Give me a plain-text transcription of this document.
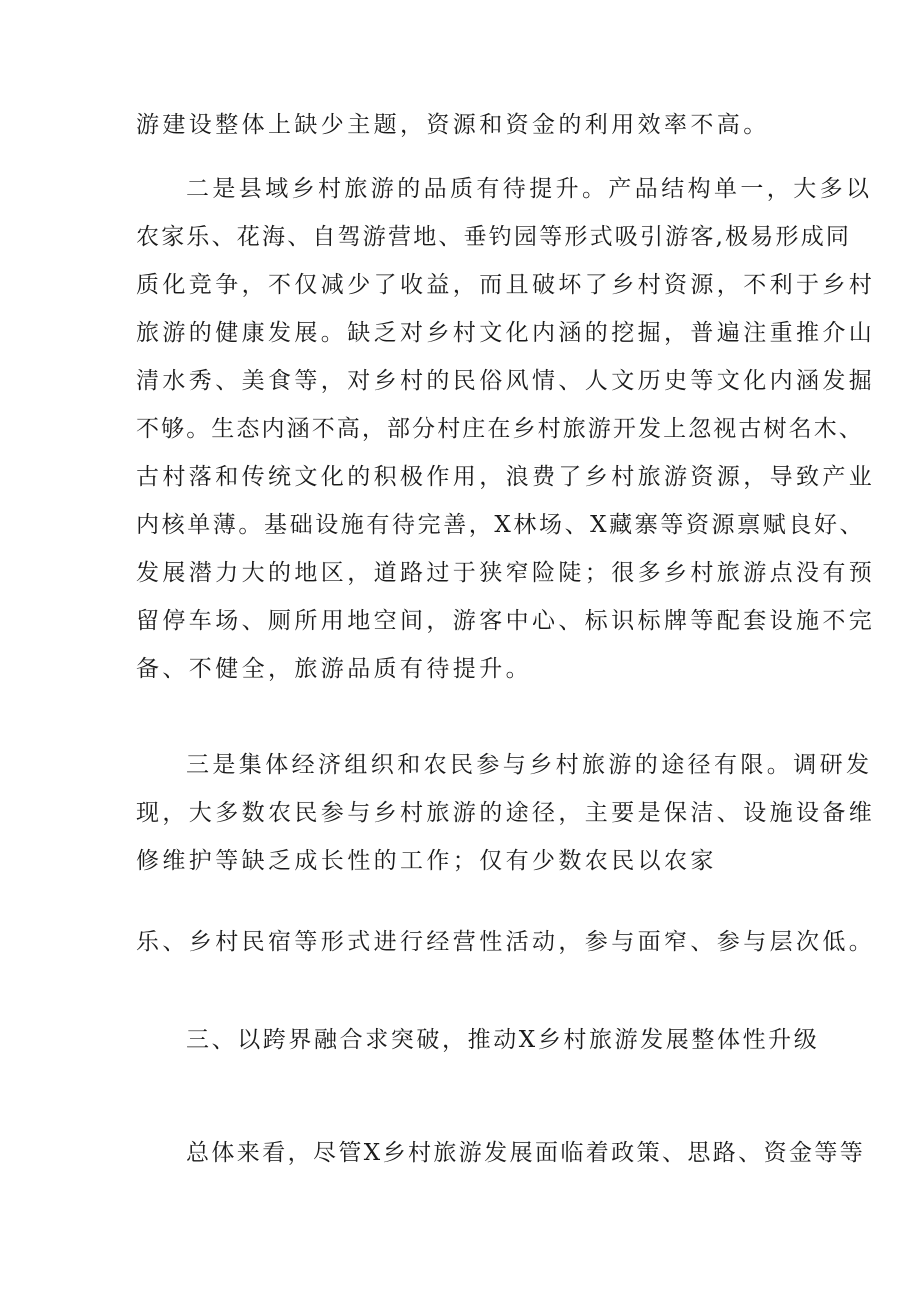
游建设整体上缺少主题，资源和资金的利用效率不高。
二是县域乡村旅游的品质有待提升。产品结构单一，大多以
农家乐、花海、自驾游营地、垂钓园等形式吸引游客,极易形成同
质化竞争，不仅减少了收益，而且破坏了乡村资源，不利于乡村
旅游的健康发展。缺乏对乡村文化内涵的挖掘，普遍注重推介山
清水秀、美食等，对乡村的民俗风情、人文历史等文化内涵发掘
不够。生态内涵不高，部分村庄在乡村旅游开发上忽视古树名木、
古村落和传统文化的积极作用，浪费了乡村旅游资源，导致产业
内核单薄。基础设施有待完善，X林场、X藏寨等资源禀赋良好、
发展潜力大的地区，道路过于狭窄险陡；很多乡村旅游点没有预
留停车场、厕所用地空间，游客中心、标识标牌等配套设施不完
备、不健全，旅游品质有待提升。
三是集体经济组织和农民参与乡村旅游的途径有限。调研发
现，大多数农民参与乡村旅游的途径，主要是保洁、设施设备维
修维护等缺乏成长性的工作；仅有少数农民以农家
乐、乡村民宿等形式进行经营性活动，参与面窄、参与层次低。
三、以跨界融合求突破，推动X乡村旅游发展整体性升级
总体来看，尽管X乡村旅游发展面临着政策、思路、资金等等
